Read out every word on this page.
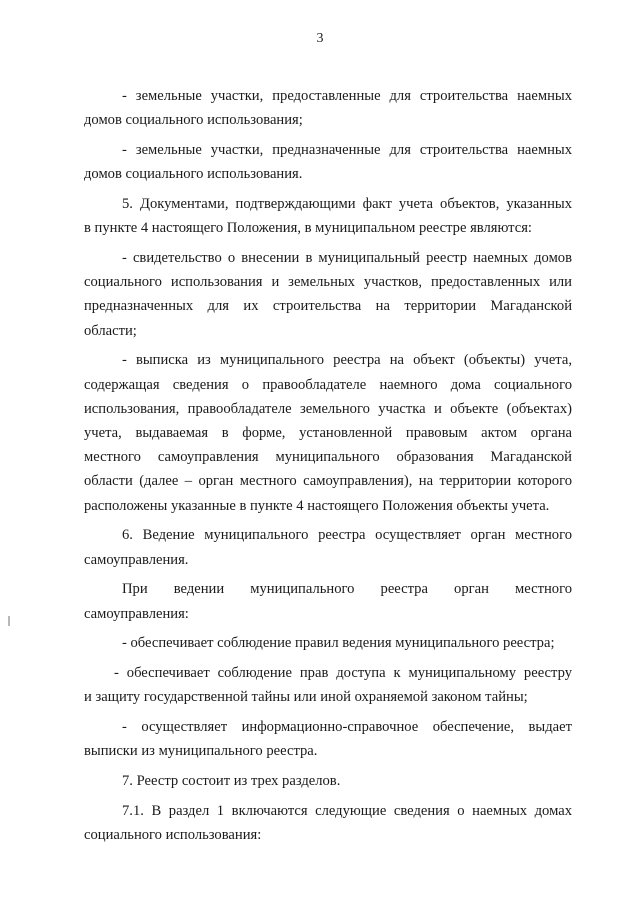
3

- земельные участки, предоставленные для строительства наемных
домов социального использования;

- земельные участки, предназначенные для строительства наемных
домов социального использования.

5. Документами, подтверждающими факт учета объектов, указанных
в пункте 4 настоящего Положения, в муниципальном реестре являются:

- свидетельство о внесении в муниципальный реестр наемных домов
социального использования и земельных участков, предоставленных или
предназначенных для их строительства на территории Магаданской
области;

- выписка из муниципального реестра на объект (объекты) учета,
содержащая сведения о правообладателе наемного дома социального
использования, правообладателе земельного участка и объекте (объектах)
учета, выдаваемая в форме, установленной правовым актом органа
местного самоуправления муниципального образования Магаданской
области (далее – орган местного самоуправления), на территории которого
расположены указанные в пункте 4 настоящего Положения объекты учета.

6. Ведение муниципального реестра осуществляет орган местного
самоуправления.

При ведении муниципального реестра орган местного
самоуправления:

- обеспечивает соблюдение правил ведения муниципального реестра;

- обеспечивает соблюдение прав доступа к муниципальному реестру
и защиту государственной тайны или иной охраняемой законом тайны;

- осуществляет информационно-справочное обеспечение, выдает
выписки из муниципального реестра.

7. Реестр состоит из трех разделов.

7.1. В раздел 1 включаются следующие сведения о наемных домах
социального использования:
